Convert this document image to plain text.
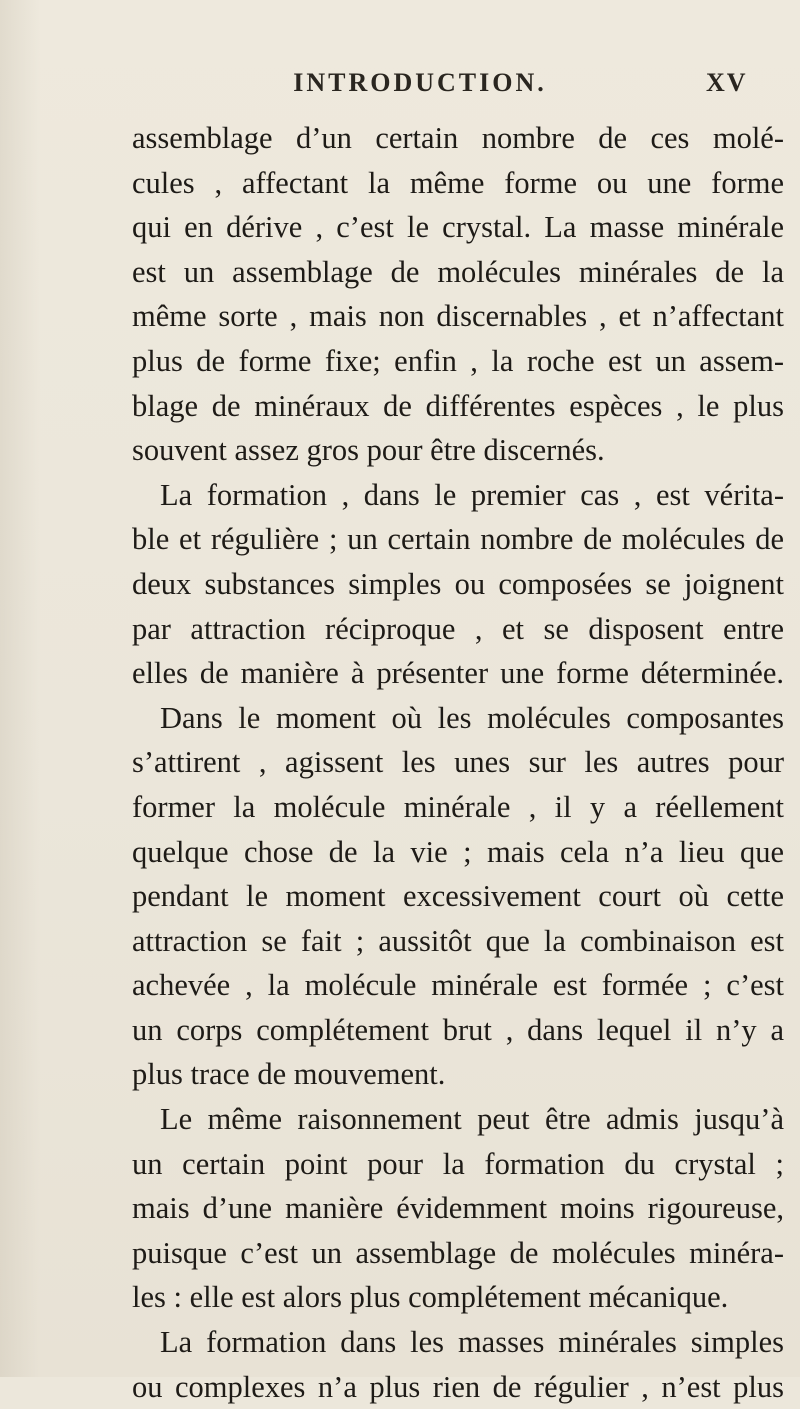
INTRODUCTION.	XV
assemblage d’un certain nombre de ces molé-
cules , affectant la même forme ou une forme
qui en dérive , c’est le crystal. La masse minérale
est un assemblage de molécules minérales de la
même sorte , mais non discernables , et n’affectant
plus de forme fixe; enfin , la roche est un assem-
blage de minéraux de différentes espèces , le plus
souvent assez gros pour être discernés.
La formation , dans le premier cas , est vérita-
ble et régulière ; un certain nombre de molécules de
deux substances simples ou composées se joignent
par attraction réciproque , et se disposent entre
elles de manière à présenter une forme déterminée.
Dans le moment où les molécules composantes
s’attirent , agissent les unes sur les autres pour
former la molécule minérale , il y a réellement
quelque chose de la vie ; mais cela n’a lieu que
pendant le moment excessivement court où cette
attraction se fait ; aussitôt que la combinaison est
achevée , la molécule minérale est formée ; c’est
un corps complétement brut , dans lequel il n’y a
plus trace de mouvement.
Le même raisonnement peut être admis jusqu’à
un certain point pour la formation du crystal ;
mais d’une manière évidemment moins rigoureuse,
puisque c’est un assemblage de molécules minéra-
les : elle est alors plus complétement mécanique.
La formation dans les masses minérales simples
ou complexes n’a plus rien de régulier , n’est plus
